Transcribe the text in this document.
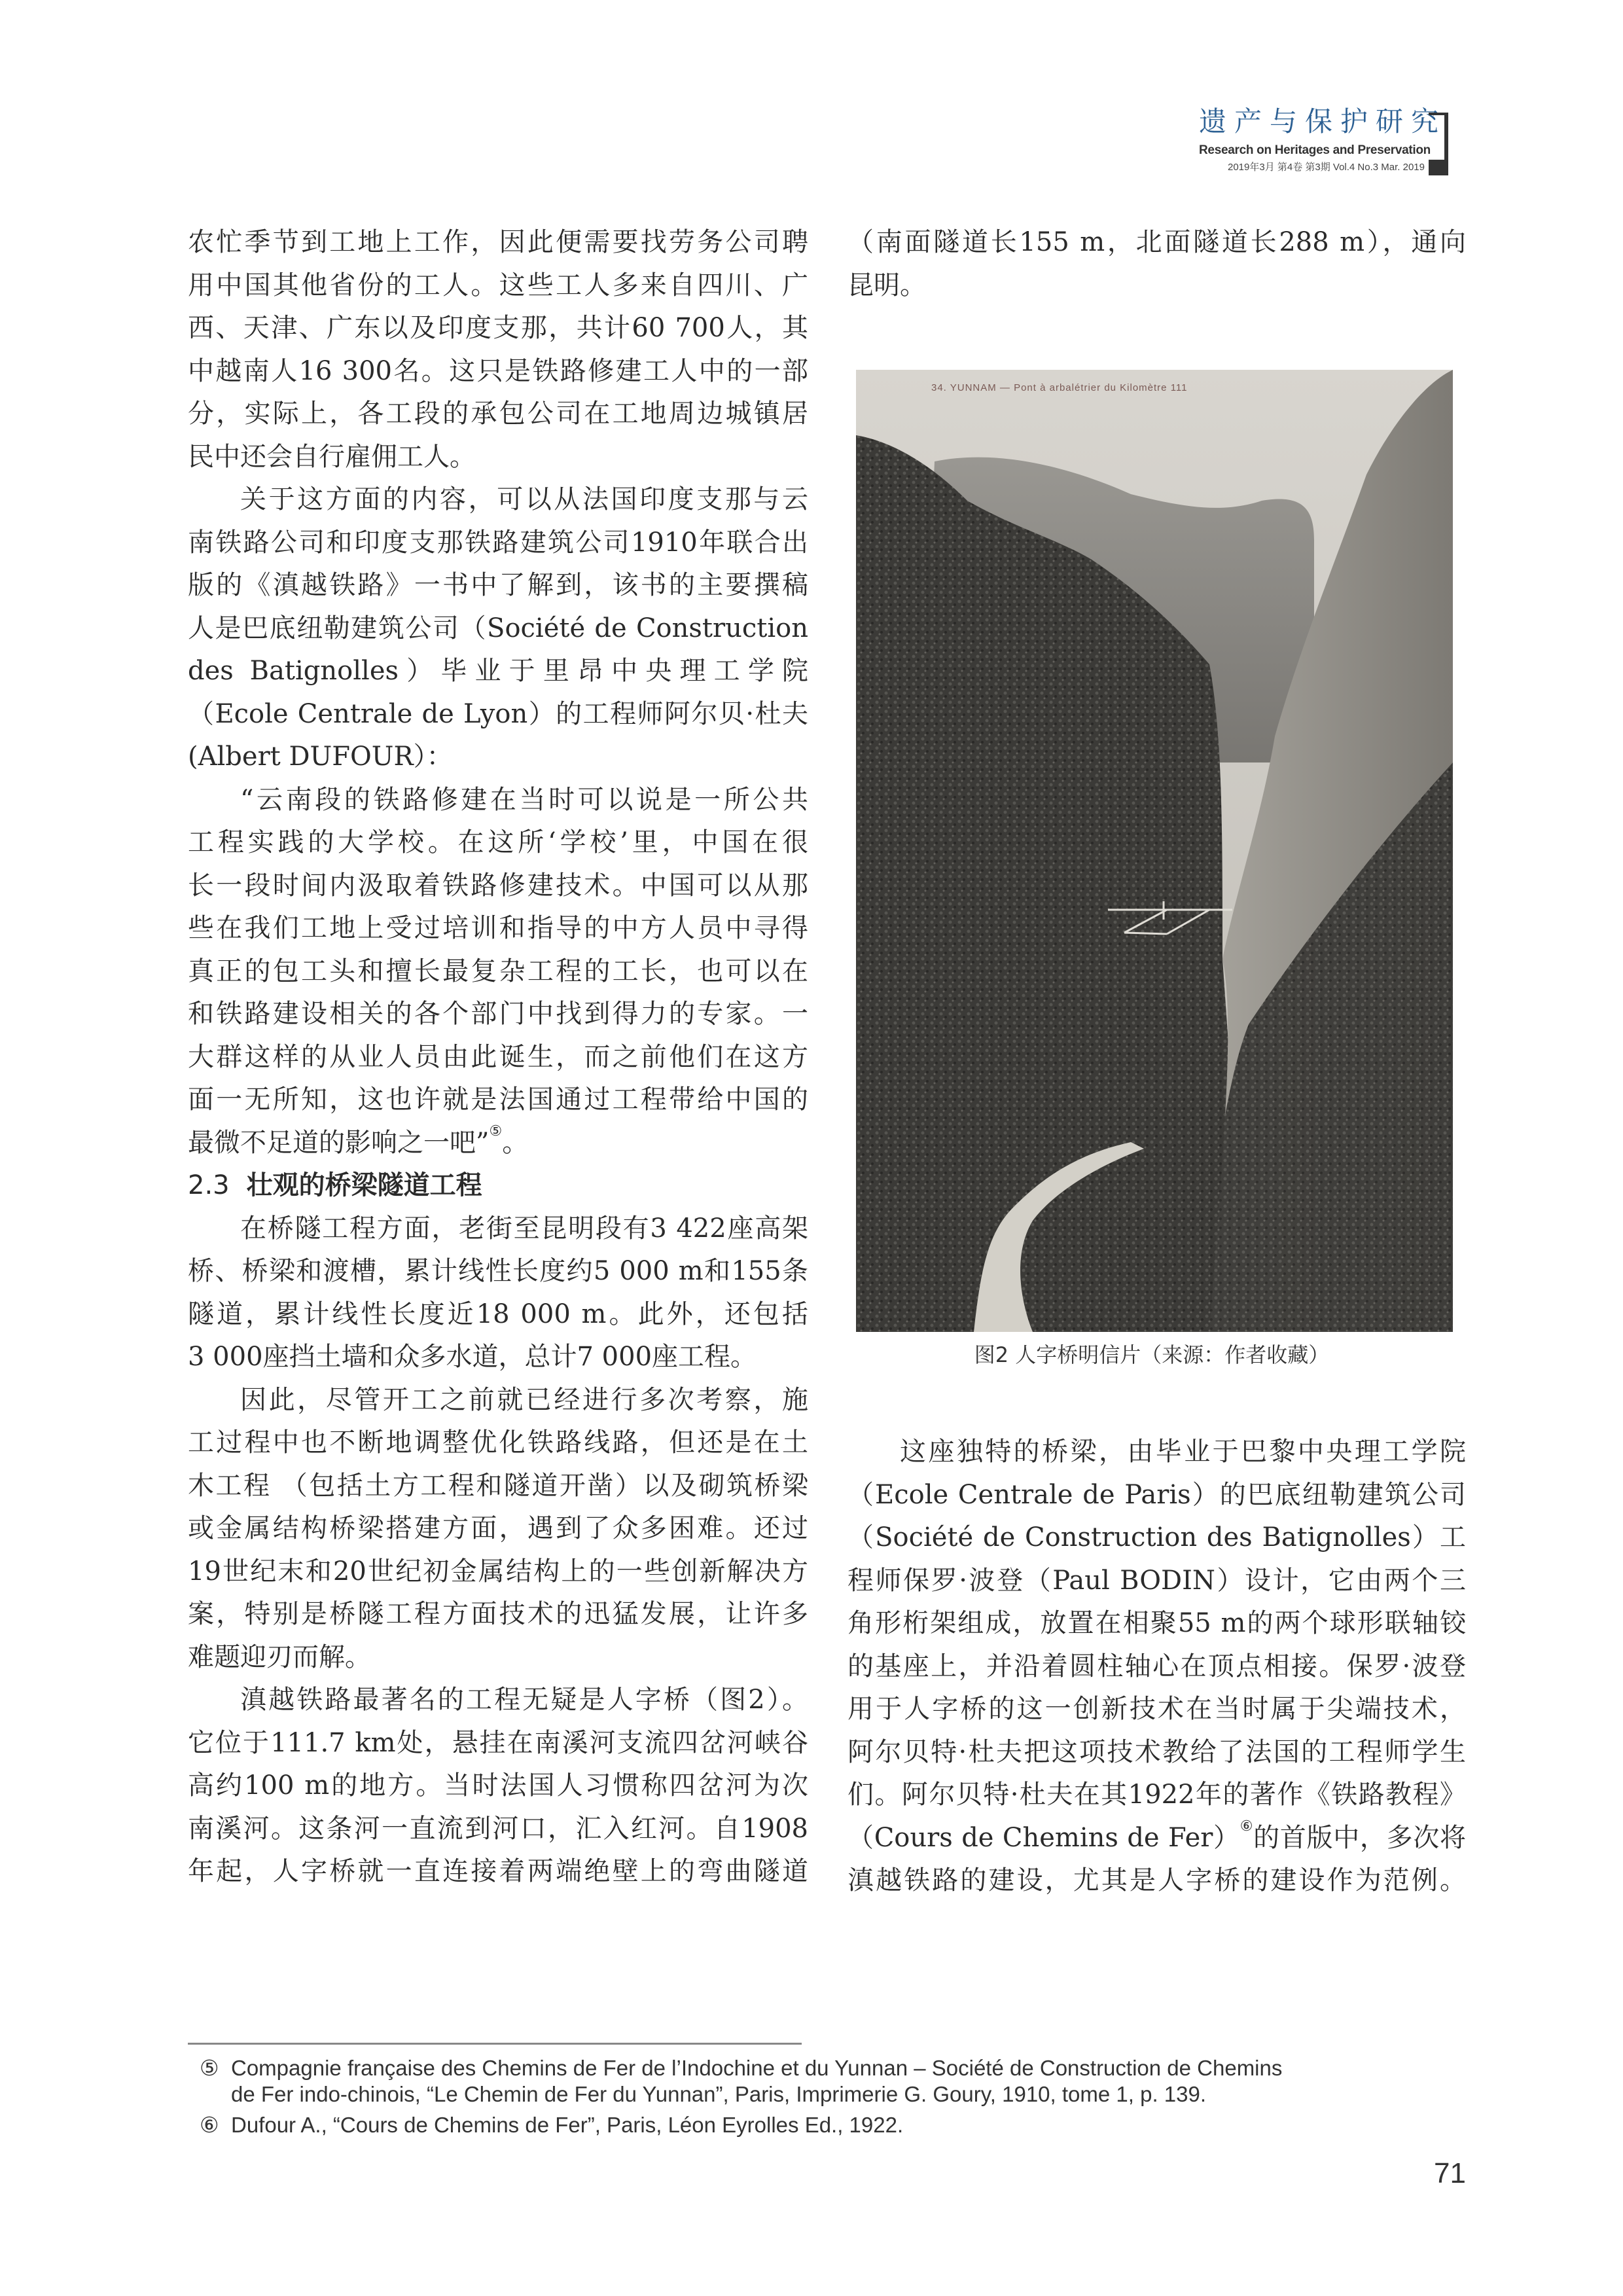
遗产与保护研究
Research on Heritages and Preservation
2019年3月 第4卷 第3期 Vol.4 No.3 Mar. 2019
农忙季节到工地上工作，因此便需要找劳务公司聘
用中国其他省份的工人。这些工人多来自四川、广
西、天津、广东以及印度支那，共计60 700人，其
中越南人16 300名。这只是铁路修建工人中的一部
分，实际上，各工段的承包公司在工地周边城镇居
民中还会自行雇佣工人。
关于这方面的内容，可以从法国印度支那与云
南铁路公司和印度支那铁路建筑公司1910年联合出
版的《滇越铁路》一书中了解到，该书的主要撰稿
人是巴底纽勒建筑公司（Société de Construction
des Batignolles）毕业于里昂中央理工学院
（Ecole Centrale de Lyon）的工程师阿尔贝·杜夫
(Albert DUFOUR）：
“云南段的铁路修建在当时可以说是一所公共
工程实践的大学校。在这所‘学校’里，中国在很
长一段时间内汲取着铁路修建技术。中国可以从那
些在我们工地上受过培训和指导的中方人员中寻得
真正的包工头和擅长最复杂工程的工长，也可以在
和铁路建设相关的各个部门中找到得力的专家。一
大群这样的从业人员由此诞生，而之前他们在这方
面一无所知，这也许就是法国通过工程带给中国的
最微不足道的影响之一吧”⑤。
2.3 壮观的桥梁隧道工程
在桥隧工程方面，老街至昆明段有3 422座高架
桥、桥梁和渡槽，累计线性长度约5 000 m和155条
隧道，累计线性长度近18 000 m。此外，还包括
3 000座挡土墙和众多水道，总计7 000座工程。
因此，尽管开工之前就已经进行多次考察，施
工过程中也不断地调整优化铁路线路，但还是在土
木工程 （包括土方工程和隧道开凿）以及砌筑桥梁
或金属结构桥梁搭建方面，遇到了众多困难。还过
19世纪末和20世纪初金属结构上的一些创新解决方
案，特别是桥隧工程方面技术的迅猛发展，让许多
难题迎刃而解。
滇越铁路最著名的工程无疑是人字桥（图2）。
它位于111.7 km处，悬挂在南溪河支流四岔河峡谷
高约100 m的地方。当时法国人习惯称四岔河为次
南溪河。这条河一直流到河口，汇入红河。自1908
年起，人字桥就一直连接着两端绝壁上的弯曲隧道
（南面隧道长155 m，北面隧道长288 m），通向
昆明。
34. YUNNAM — Pont à arbalétrier du Kilomètre 111
图2 人字桥明信片（来源：作者收藏）
这座独特的桥梁，由毕业于巴黎中央理工学院
（Ecole Centrale de Paris）的巴底纽勒建筑公司
（Société de Construction des Batignolles）工
程师保罗·波登（Paul BODIN）设计，它由两个三
角形桁架组成，放置在相聚55 m的两个球形联轴铰
的基座上，并沿着圆柱轴心在顶点相接。保罗·波登
用于人字桥的这一创新技术在当时属于尖端技术，
阿尔贝特·杜夫把这项技术教给了法国的工程师学生
们。阿尔贝特·杜夫在其1922年的著作《铁路教程》
（Cours de Chemins de Fer）⑥的首版中，多次将
滇越铁路的建设，尤其是人字桥的建设作为范例。
⑤ Compagnie française des Chemins de Fer de l’Indochine et du Yunnan – Société de Construction de Chemins
de Fer indo-chinois, “Le Chemin de Fer du Yunnan”, Paris, Imprimerie G. Goury, 1910, tome 1, p. 139.
⑥ Dufour A., “Cours de Chemins de Fer”, Paris, Léon Eyrolles Ed., 1922.
71
